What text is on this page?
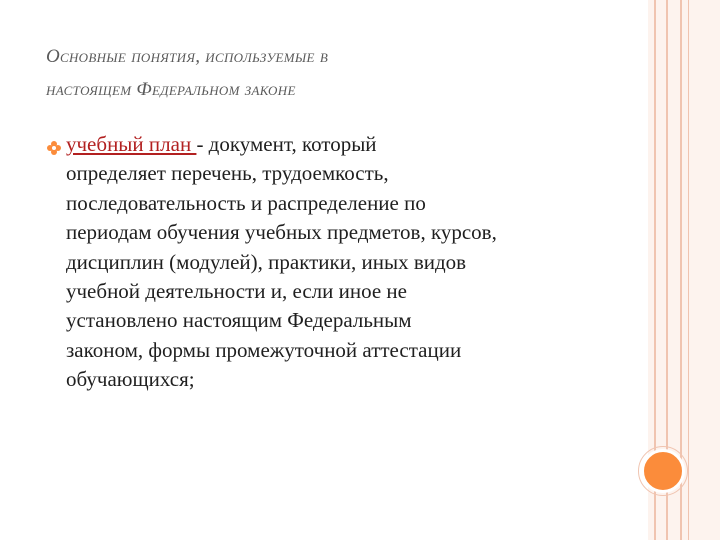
Основные понятия, используемые в
настоящем Федеральном законе
учебный план - документ, который
определяет перечень, трудоемкость,
последовательность и распределение по
периодам обучения учебных предметов, курсов,
дисциплин (модулей), практики, иных видов
учебной деятельности и, если иное не
установлено настоящим Федеральным
законом, формы промежуточной аттестации
обучающихся;
